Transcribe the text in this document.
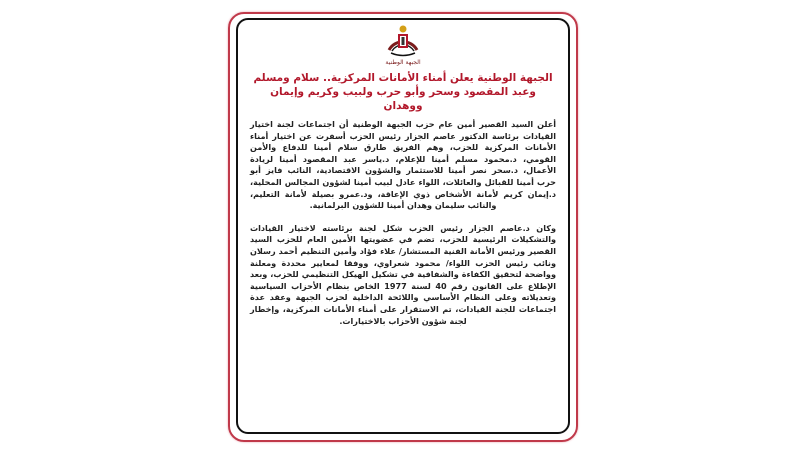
الجبهة الوطنية
الجبهة الوطنية يعلن أمناء الأمانات المركزية.. سلام ومسلم وعبد المقصود وسحر وأبو حرب ولبيب وكريم وإيمان ووهدان

أعلن السيد القصير أمين عام حزب الجبهة الوطنية أن اجتماعات لجنة اختيار القيادات برئاسة الدكتور عاصم الجزار رئيس الحزب أسفرت عن اختيار أمناء الأمانات المركزية للحزب، وهم الفريق طارق سلام أمينا للدفاع والأمن القومي، د.محمود مسلم أمينا للإعلام، د.ياسر عبد المقصود أمينا لريادة الأعمال، د.سحر نصر أمينا للاستثمار والشؤون الاقتصادية، النائب فايز أبو حرب أمينا للقبائل والعائلات، اللواء عادل لبيب أمينا لشؤون المجالس المحلية، د.إيمان كريم لأمانة الأشخاص ذوي الإعاقة، ود.عمرو بصيلة لأمانة التعليم، والنائب سليمان وهدان أمينا للشؤون البرلمانية.

وكان د.عاصم الجزار رئيس الحزب شكل لجنة برئاسته لاختيار القيادات والتشكيلات الرئيسية للحزب، تضم في عضويتها الأمين العام للحزب السيد القصير ورئيس الأمانة الفنية المستشار/ علاء فؤاد وأمين التنظيم أحمد رسلان ونائب رئيس الحزب اللواء/ محمود شعراوي، ووفقا لمعايير محددة ومعلنة وواضحة لتحقيق الكفاءة والشفافية في تشكيل الهيكل التنظيمي للحزب، وبعد الإطلاع على القانون رقم 40 لسنة 1977 الخاص بنظام الأحزاب السياسية وتعديلاته وعلى النظام الأساسي واللائحة الداخلية لحزب الجبهة وعقد عدة اجتماعات للجنة القيادات، تم الاستقرار على أمناء الأمانات المركزية، وإخطار لجنة شؤون الأحزاب بالاختيارات.
